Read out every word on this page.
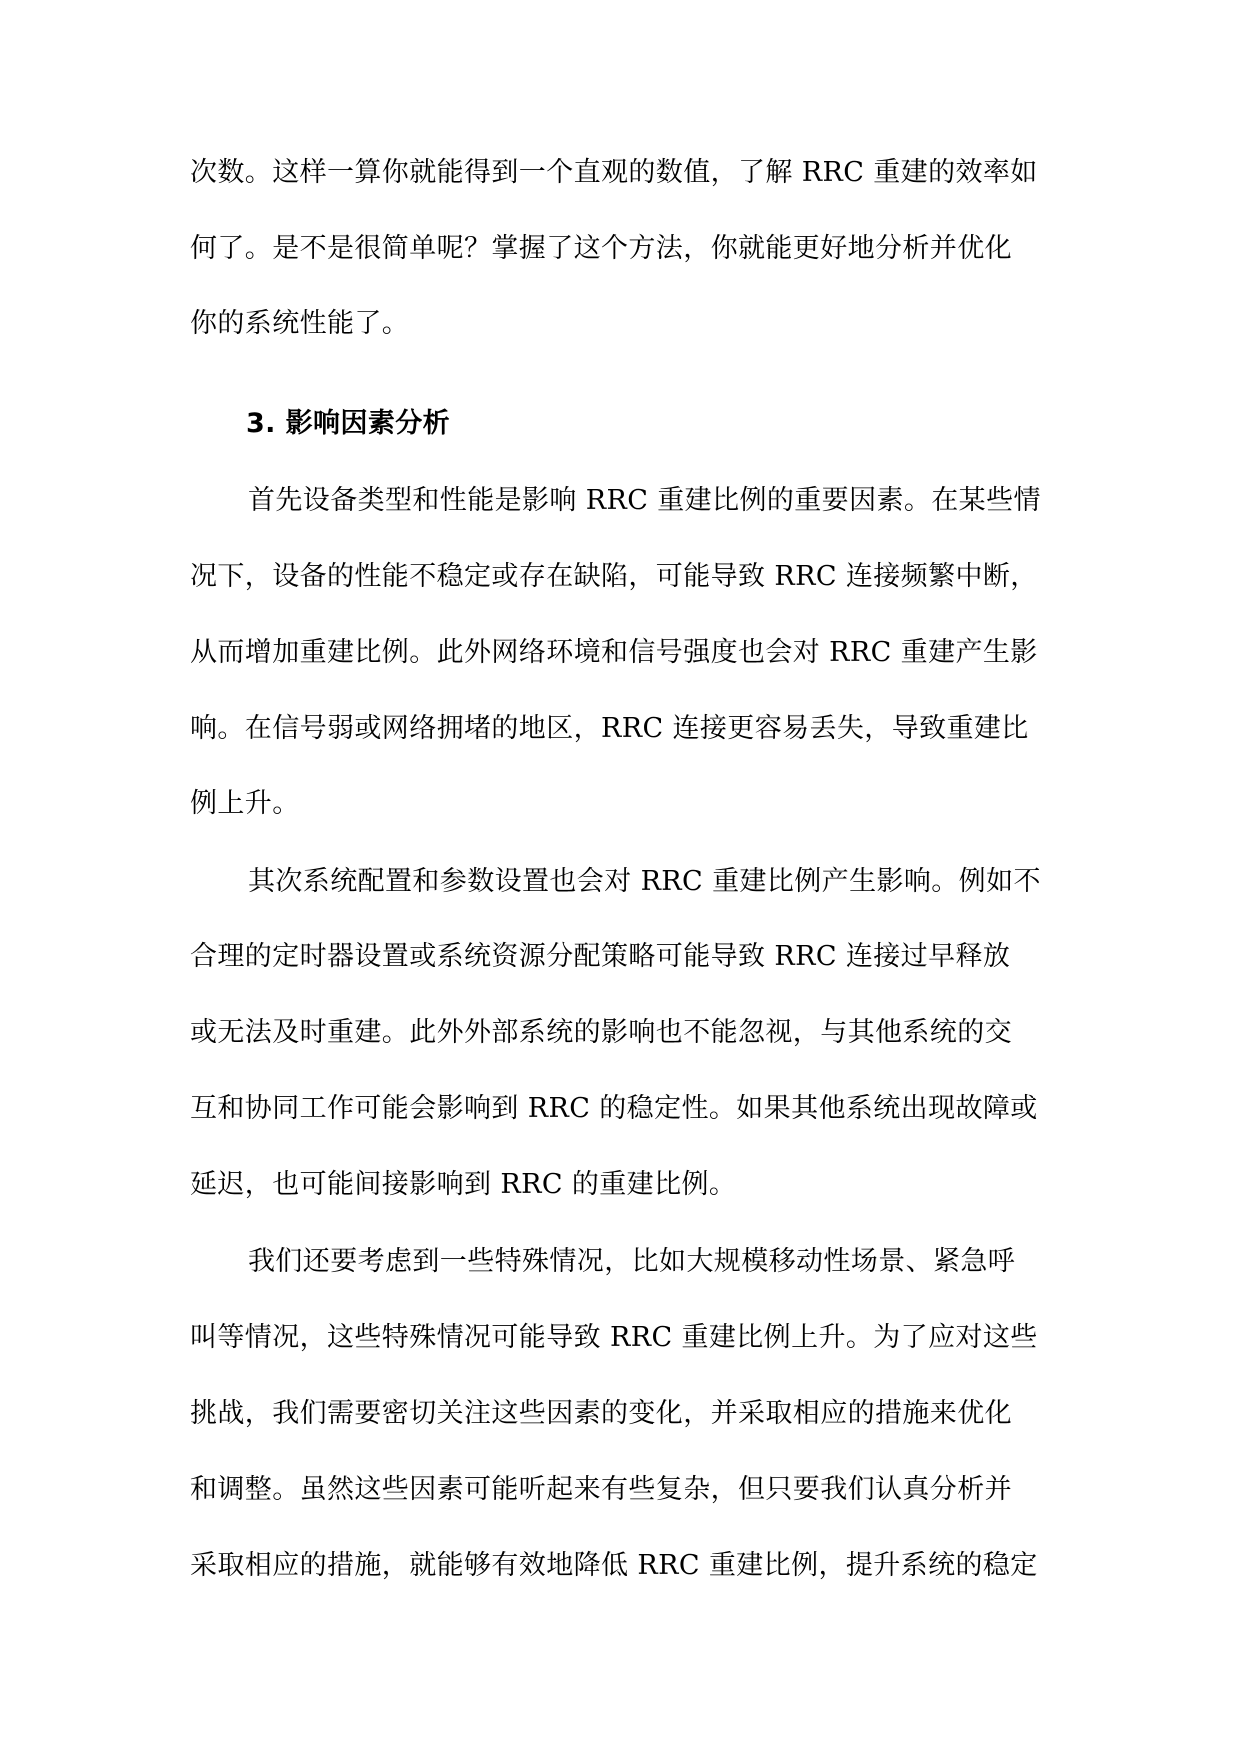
次数。这样一算你就能得到一个直观的数值，了解 RRC 重建的效率如
何了。是不是很简单呢？掌握了这个方法，你就能更好地分析并优化
你的系统性能了。
3. 影响因素分析
首先设备类型和性能是影响 RRC 重建比例的重要因素。在某些情
况下，设备的性能不稳定或存在缺陷，可能导致 RRC 连接频繁中断，
从而增加重建比例。此外网络环境和信号强度也会对 RRC 重建产生影
响。在信号弱或网络拥堵的地区，RRC 连接更容易丢失，导致重建比
例上升。
其次系统配置和参数设置也会对 RRC 重建比例产生影响。例如不
合理的定时器设置或系统资源分配策略可能导致 RRC 连接过早释放
或无法及时重建。此外外部系统的影响也不能忽视，与其他系统的交
互和协同工作可能会影响到 RRC 的稳定性。如果其他系统出现故障或
延迟，也可能间接影响到 RRC 的重建比例。
我们还要考虑到一些特殊情况，比如大规模移动性场景、紧急呼
叫等情况，这些特殊情况可能导致 RRC 重建比例上升。为了应对这些
挑战，我们需要密切关注这些因素的变化，并采取相应的措施来优化
和调整。虽然这些因素可能听起来有些复杂，但只要我们认真分析并
采取相应的措施，就能够有效地降低 RRC 重建比例，提升系统的稳定
